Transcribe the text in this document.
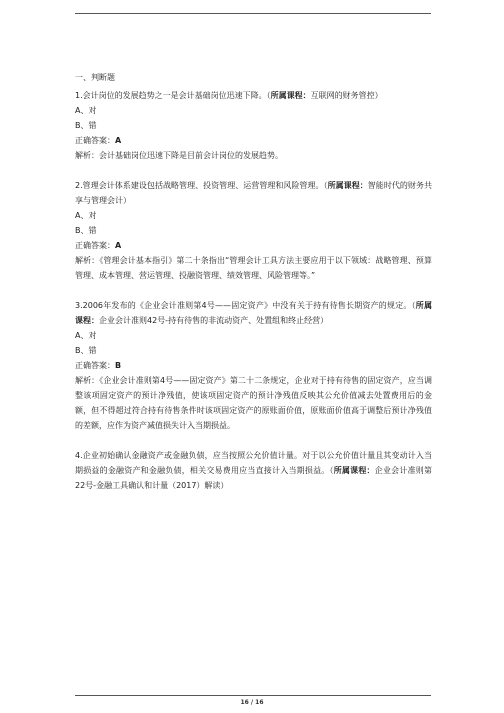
一、判断题

1.会计岗位的发展趋势之一是会计基础岗位迅速下降。（所属课程：互联网的财务管控）

A、对

B、错

正确答案：A

解析：会计基础岗位迅速下降是目前会计岗位的发展趋势。

2.管理会计体系建设包括战略管理、投资管理、运营管理和风险管理。（所属课程：智能时代的财务共享与管理会计）

A、对

B、错

正确答案：A

解析：《管理会计基本指引》第二十条指出“管理会计工具方法主要应用于以下领域：战略管理、预算管理、成本管理、营运管理、投融资管理、绩效管理、风险管理等。”

3.2006年发布的《企业会计准则第4号——固定资产》中没有关于持有待售长期资产的规定。（所属课程：企业会计准则42号-持有待售的非流动资产、处置组和终止经营）

A、对

B、错

正确答案：B

解析：《企业会计准则第4号——固定资产》第二十二条规定，企业对于持有待售的固定资产，应当调整该项固定资产的预计净残值，使该项固定资产的预计净残值反映其公允价值减去处置费用后的金额，但不得超过符合持有待售条件时该项固定资产的原账面价值，原账面价值高于调整后预计净残值的差额，应作为资产减值损失计入当期损益。

4.企业初始确认金融资产或金融负债，应当按照公允价值计量。对于以公允价值计量且其变动计入当期损益的金融资产和金融负债，相关交易费用应当直接计入当期损益。（所属课程：企业会计准则第22号-金融工具确认和计量（2017）解读）

16 / 16
